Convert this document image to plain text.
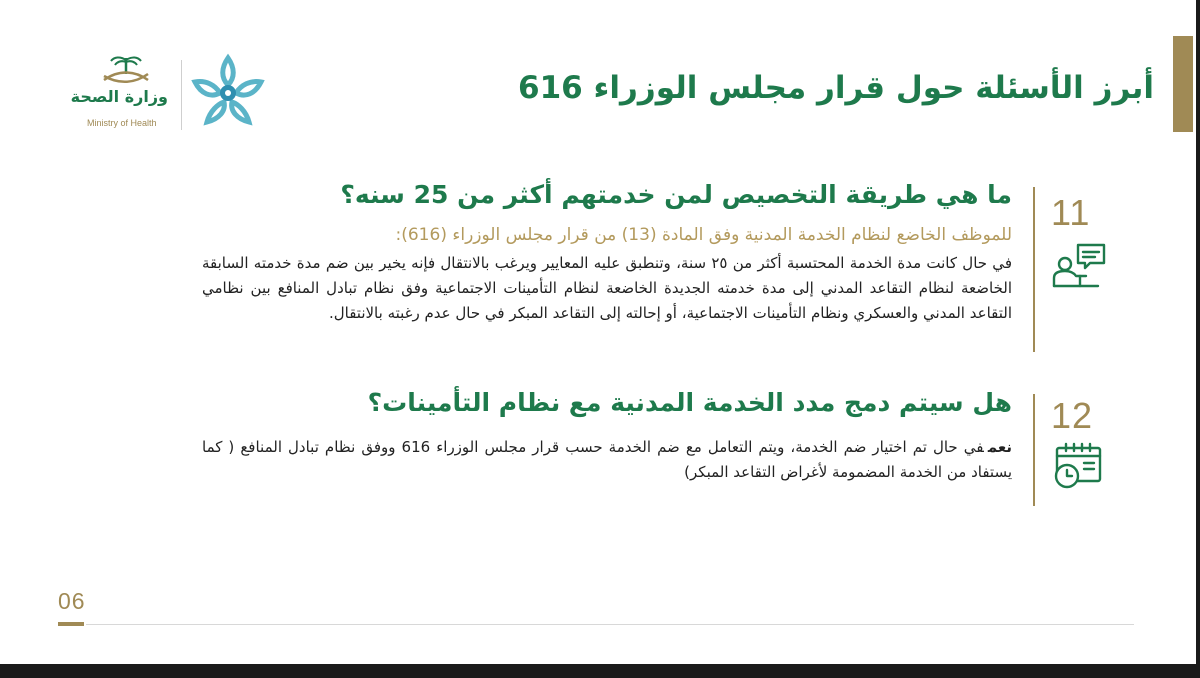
أبرز الأسئلة حول قرار مجلس الوزراء 616
وزارة الصحة
Ministry of Health
11
ما هي طريقة التخصيص لمن خدمتهم أكثر من 25 سنه؟

للموظف الخاضع لنظام الخدمة المدنية وفق المادة (13) من قرار مجلس الوزراء (616):

في حال كانت مدة الخدمة المحتسبة أكثر من ٢٥ سنة، وتنطبق عليه المعايير ويرغب بالانتقال فإنه يخير بين ضم مدة خدمته السابقة الخاضعة لنظام التقاعد المدني إلى مدة خدمته الجديدة الخاضعة لنظام التأمينات الاجتماعية وفق نظام تبادل المنافع بين نظامي التقاعد المدني والعسكري ونظام التأمينات الاجتماعية، أو إحالته إلى التقاعد المبكر في حال عدم رغبته بالانتقال.

12
هل سيتم دمج مدد الخدمة المدنية مع نظام التأمينات؟

نعمفي حال تم اختيار ضم الخدمة، ويتم التعامل مع ضم الخدمة حسب قرار مجلس الوزراء 616 ووفق نظام تبادل المنافع ( كما يستفاد من الخدمة المضمومة لأغراض التقاعد المبكر)

06
